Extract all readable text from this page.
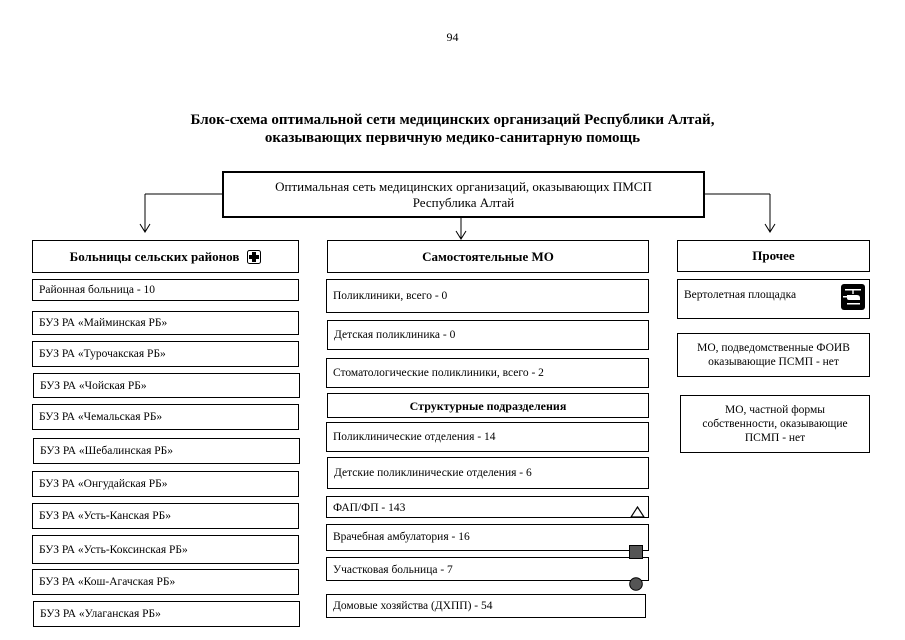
94
Блок-схема оптимальной сети медицинских организаций Республики Алтай,
оказывающих первичную медико-санитарную помощь
Оптимальная сеть медицинских организаций, оказывающих ПМСП
Республика Алтай
Больницы сельских районов
Районная больница - 10
БУЗ РА «Майминская РБ»
БУЗ РА «Турочакская РБ»
БУЗ РА «Чойская РБ»
БУЗ РА «Чемальская РБ»
БУЗ РА «Шебалинская РБ»
БУЗ РА «Онгудайская РБ»
БУЗ РА «Усть-Канская РБ»
БУЗ РА «Усть-Коксинская РБ»
БУЗ РА «Кош-Агачская РБ»
БУЗ РА «Улаганская РБ»
Самостоятельные МО
Поликлиники, всего - 0
Детская поликлиника - 0
Стоматологические поликлиники, всего - 2
Структурные подразделения
Поликлинические отделения - 14
Детские поликлинические отделения - 6
ФАП/ФП - 143
Врачебная амбулатория - 16
Участковая больница - 7
Домовые хозяйства (ДХПП) - 54
Прочее
Вертолетная площадка
МО, подведомственные ФОИВ оказывающие ПСМП - нет
МО, частной формы собственности, оказывающие ПСМП - нет
